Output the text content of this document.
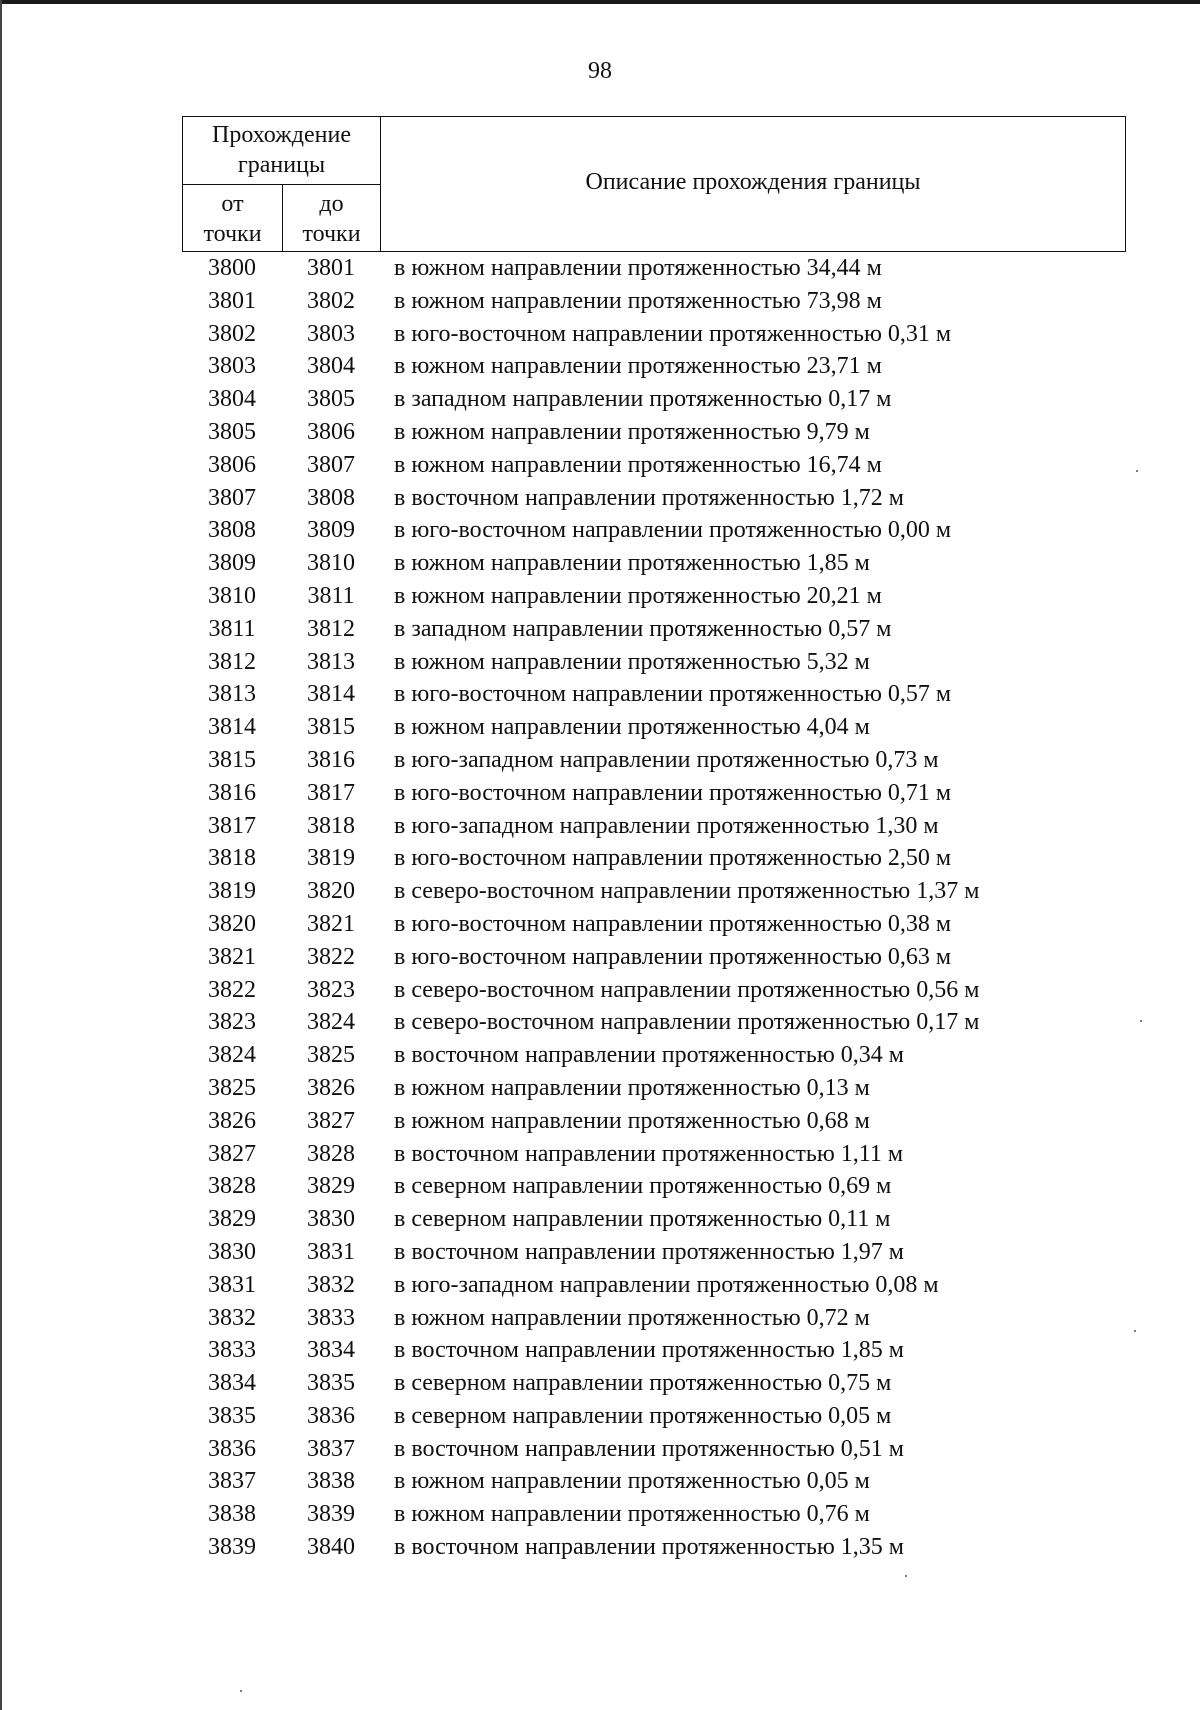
98
Прохождение
границы
от
точки
до
точки
Описание прохождения границы
3800	3801	в южном направлении протяженностью 34,44 м
3801	3802	в южном направлении протяженностью 73,98 м
3802	3803	в юго-восточном направлении протяженностью 0,31 м
3803	3804	в южном направлении протяженностью 23,71 м
3804	3805	в западном направлении протяженностью 0,17 м
3805	3806	в южном направлении протяженностью 9,79 м
3806	3807	в южном направлении протяженностью 16,74 м
3807	3808	в восточном направлении протяженностью 1,72 м
3808	3809	в юго-восточном направлении протяженностью 0,00 м
3809	3810	в южном направлении протяженностью 1,85 м
3810	3811	в южном направлении протяженностью 20,21 м
3811	3812	в западном направлении протяженностью 0,57 м
3812	3813	в южном направлении протяженностью 5,32 м
3813	3814	в юго-восточном направлении протяженностью 0,57 м
3814	3815	в южном направлении протяженностью 4,04 м
3815	3816	в юго-западном направлении протяженностью 0,73 м
3816	3817	в юго-восточном направлении протяженностью 0,71 м
3817	3818	в юго-западном направлении протяженностью 1,30 м
3818	3819	в юго-восточном направлении протяженностью 2,50 м
3819	3820	в северо-восточном направлении протяженностью 1,37 м
3820	3821	в юго-восточном направлении протяженностью 0,38 м
3821	3822	в юго-восточном направлении протяженностью 0,63 м
3822	3823	в северо-восточном направлении протяженностью 0,56 м
3823	3824	в северо-восточном направлении протяженностью 0,17 м
3824	3825	в восточном направлении протяженностью 0,34 м
3825	3826	в южном направлении протяженностью 0,13 м
3826	3827	в южном направлении протяженностью 0,68 м
3827	3828	в восточном направлении протяженностью 1,11 м
3828	3829	в северном направлении протяженностью 0,69 м
3829	3830	в северном направлении протяженностью 0,11 м
3830	3831	в восточном направлении протяженностью 1,97 м
3831	3832	в юго-западном направлении протяженностью 0,08 м
3832	3833	в южном направлении протяженностью 0,72 м
3833	3834	в восточном направлении протяженностью 1,85 м
3834	3835	в северном направлении протяженностью 0,75 м
3835	3836	в северном направлении протяженностью 0,05 м
3836	3837	в восточном направлении протяженностью 0,51 м
3837	3838	в южном направлении протяженностью 0,05 м
3838	3839	в южном направлении протяженностью 0,76 м
3839	3840	в восточном направлении протяженностью 1,35 м
